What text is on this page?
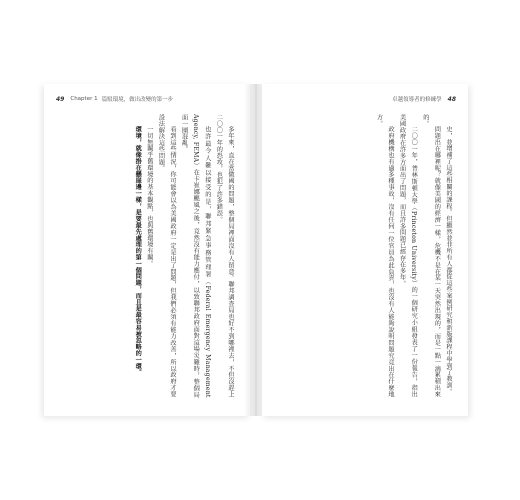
49 Chapter 1 篇駁環境，做出改變的第一步

多年來，直在當做國的問題，整個局裡面沒有人留意。聯邦調查局也好不到哪裡去，不但沒趕上二〇〇一年的恐攻，也犯了許多錯誤。

也許最令人難以接受的是，聯邦緊急事務管理署（Federal Emergency Management Agency, FEMA）在卡崔娜颶風之後，竟然沒有能力應付，以致聯邦政府面對這場災難時，整個局面一團混亂。

看到這些情況，你可能會以為美國政府一定是出了問題，但我們必須有能力改善，所以政府才要設法解決這些問題。

一切無關乎舊環境的基本觀點，也與舊環境有關。

環境，就像掛在懸崖邊一樣，是要最先處理的第一個問題，而且是最容易被忽略的一環。

卓越領導者的修練學 48

史，並增補了這些相關的課程。但顯然並非所有人都從這些案例研究和新版課程中學到了教訓。

問題出在哪裡呢？就像美國的經濟一樣，危機不是在某一天突然出現的，而是一點一滴累積出來的。

二〇〇一年，普林斯頓大學（Princeton University）的一個研究小組發表了一份報告，指出美國政府在許多方面出了問題，而且許多問題已經存在多年。

政府機構也有過多種事故，沒有任何一位官員為此負責，也沒有人能夠說明問題究竟出在什麼地方。
